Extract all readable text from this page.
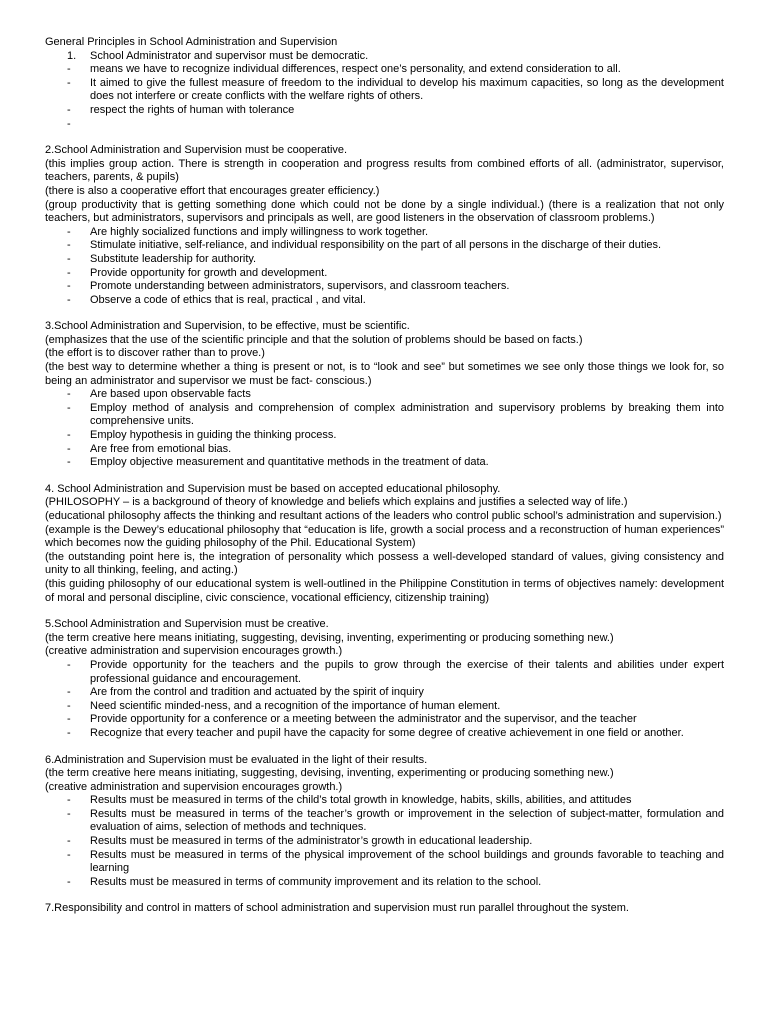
General Principles in School Administration and Supervision

1. School Administrator and supervisor must be democratic.
- means we have to recognize individual differences, respect one’s personality, and extend consideration to all.
- It aimed to give the fullest measure of freedom to the individual to develop his maximum capacities, so long as the development does not interfere or create conflicts with the welfare rights of others.
- respect the rights of human with tolerance
-

2.School Administration and Supervision must be cooperative.

(this implies group action. There is strength in cooperation and progress results from combined efforts of all. (administrator, supervisor, teachers, parents, & pupils)

(there is also a cooperative effort that encourages greater efficiency.)

(group productivity that is getting something done which could not be done by a single individual.) (there is a realization that not only teachers, but administrators, supervisors and principals as well, are good listeners in the observation of classroom problems.)

- Are highly socialized functions and imply willingness to work together.
- Stimulate initiative, self-reliance, and individual responsibility on the part of all persons in the discharge of their duties.
- Substitute leadership for authority.
- Provide opportunity for growth and development.
- Promote understanding between administrators, supervisors, and classroom teachers.
- Observe a code of ethics that is real, practical , and vital.

3.School Administration and Supervision, to be effective, must be scientific.

(emphasizes that the use of the scientific principle and that the solution of problems should be based on facts.)

(the effort is to discover rather than to prove.)

(the best way to determine whether a thing is present or not, is to “look and see” but sometimes we see only those things we look for, so being an administrator and supervisor we must be fact- conscious.)

- Are based upon observable facts
- Employ method of analysis and comprehension of complex administration and supervisory problems by breaking them into comprehensive units.
- Employ hypothesis in guiding the thinking process.
- Are free from emotional bias.
- Employ objective measurement and quantitative methods in the treatment of data.

4. School Administration and Supervision must be based on accepted educational philosophy.

(PHILOSOPHY – is a background of theory of knowledge and beliefs which explains and justifies a selected way of life.)

(educational philosophy affects the thinking and resultant actions of the leaders who control public school’s administration and supervision.)

(example is the Dewey’s educational philosophy that “education is life, growth a social process and a reconstruction of human experiences” which becomes now the guiding philosophy of the Phil. Educational System)

(the outstanding point here is, the integration of personality which possess a well-developed standard of values, giving consistency and unity to all thinking, feeling, and acting.)

(this guiding philosophy of our educational system is well-outlined in the Philippine Constitution in terms of objectives namely: development of moral and personal discipline, civic conscience, vocational efficiency, citizenship training)

5.School Administration and Supervision must be creative.

(the term creative here means initiating, suggesting, devising, inventing, experimenting or producing something new.)

(creative administration and supervision encourages growth.)

- Provide opportunity for the teachers and the pupils to grow through the exercise of their talents and abilities under expert professional guidance and encouragement.
- Are from the control and tradition and actuated by the spirit of inquiry
- Need scientific minded-ness, and a recognition of the importance of human element.
- Provide opportunity for a conference or a meeting between the administrator and the supervisor, and the teacher
- Recognize that every teacher and pupil have the capacity for some degree of creative achievement in one field or another.

6.Administration and Supervision must be evaluated in the light of their results.

(the term creative here means initiating, suggesting, devising, inventing, experimenting or producing something new.)

(creative administration and supervision encourages growth.)

- Results must be measured in terms of the child’s total growth in knowledge, habits, skills, abilities, and attitudes
- Results must be measured in terms of the teacher’s growth or improvement in the selection of subject-matter, formulation and evaluation of aims, selection of methods and techniques.
- Results must be measured in terms of the administrator’s growth in educational leadership.
- Results must be measured in terms of the physical improvement of the school buildings and grounds favorable to teaching and learning
- Results must be measured in terms of community improvement and its relation to the school.

7.Responsibility and control in matters of school administration and supervision must run parallel throughout the system.
